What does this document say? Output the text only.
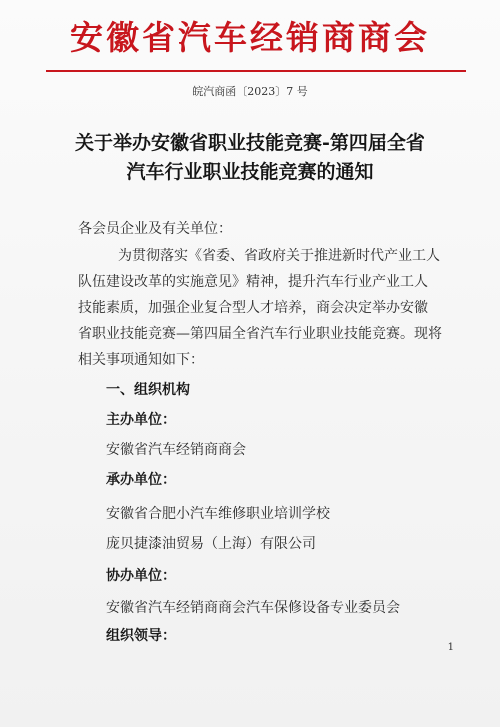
安徽省汽车经销商商会
皖汽商函〔2023〕7 号
关于举办安徽省职业技能竞赛-第四届全省
汽车行业职业技能竞赛的通知
各会员企业及有关单位：
为贯彻落实《省委、省政府关于推进新时代产业工人
队伍建设改革的实施意见》精神，提升汽车行业产业工人
技能素质，加强企业复合型人才培养，商会决定举办安徽
省职业技能竞赛—第四届全省汽车行业职业技能竞赛。现将
相关事项通知如下：
一、组织机构
主办单位：
安徽省汽车经销商商会
承办单位：
安徽省合肥小汽车维修职业培训学校
庞贝捷漆油贸易（上海）有限公司
协办单位：
安徽省汽车经销商商会汽车保修设备专业委员会
组织领导：
1
